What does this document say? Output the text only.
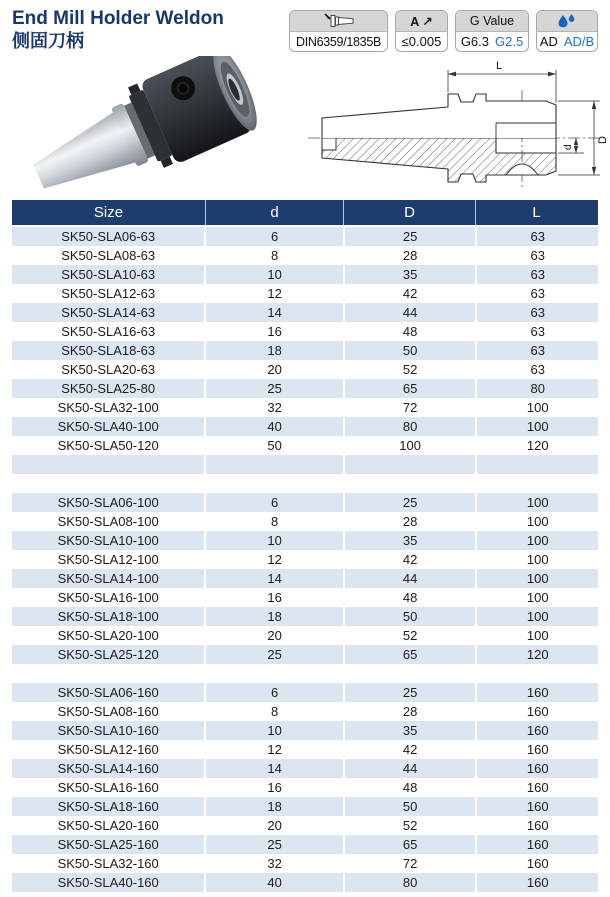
End Mill Holder Weldon
侧固刀柄	DIN6359/1835B
A ↗
≤0.005
G Value
G6.3 G2.5 AD AD/B
L
d
D
Size	d	D	L
SK50-SLA06-63	6	25	63
SK50-SLA08-63	8	28	63
SK50-SLA10-63	10	35	63
SK50-SLA12-63	12	42	63
SK50-SLA14-63	14	44	63
SK50-SLA16-63	16	48	63
SK50-SLA18-63	18	50	63
SK50-SLA20-63	20	52	63
SK50-SLA25-80	25	65	80
SK50-SLA32-100	32	72	100
SK50-SLA40-100	40	80	100
SK50-SLA50-120	50	100	120
SK50-SLA06-100	6	25	100
SK50-SLA08-100	8	28	100
SK50-SLA10-100	10	35	100
SK50-SLA12-100	12	42	100
SK50-SLA14-100	14	44	100
SK50-SLA16-100	16	48	100
SK50-SLA18-100	18	50	100
SK50-SLA20-100	20	52	100
SK50-SLA25-120	25	65	120
SK50-SLA06-160	6	25	160
SK50-SLA08-160	8	28	160
SK50-SLA10-160	10	35	160
SK50-SLA12-160	12	42	160
SK50-SLA14-160	14	44	160
SK50-SLA16-160	16	48	160
SK50-SLA18-160	18	50	160
SK50-SLA20-160	20	52	160
SK50-SLA25-160	25	65	160
SK50-SLA32-160	32	72	160
SK50-SLA40-160	40	80	160
